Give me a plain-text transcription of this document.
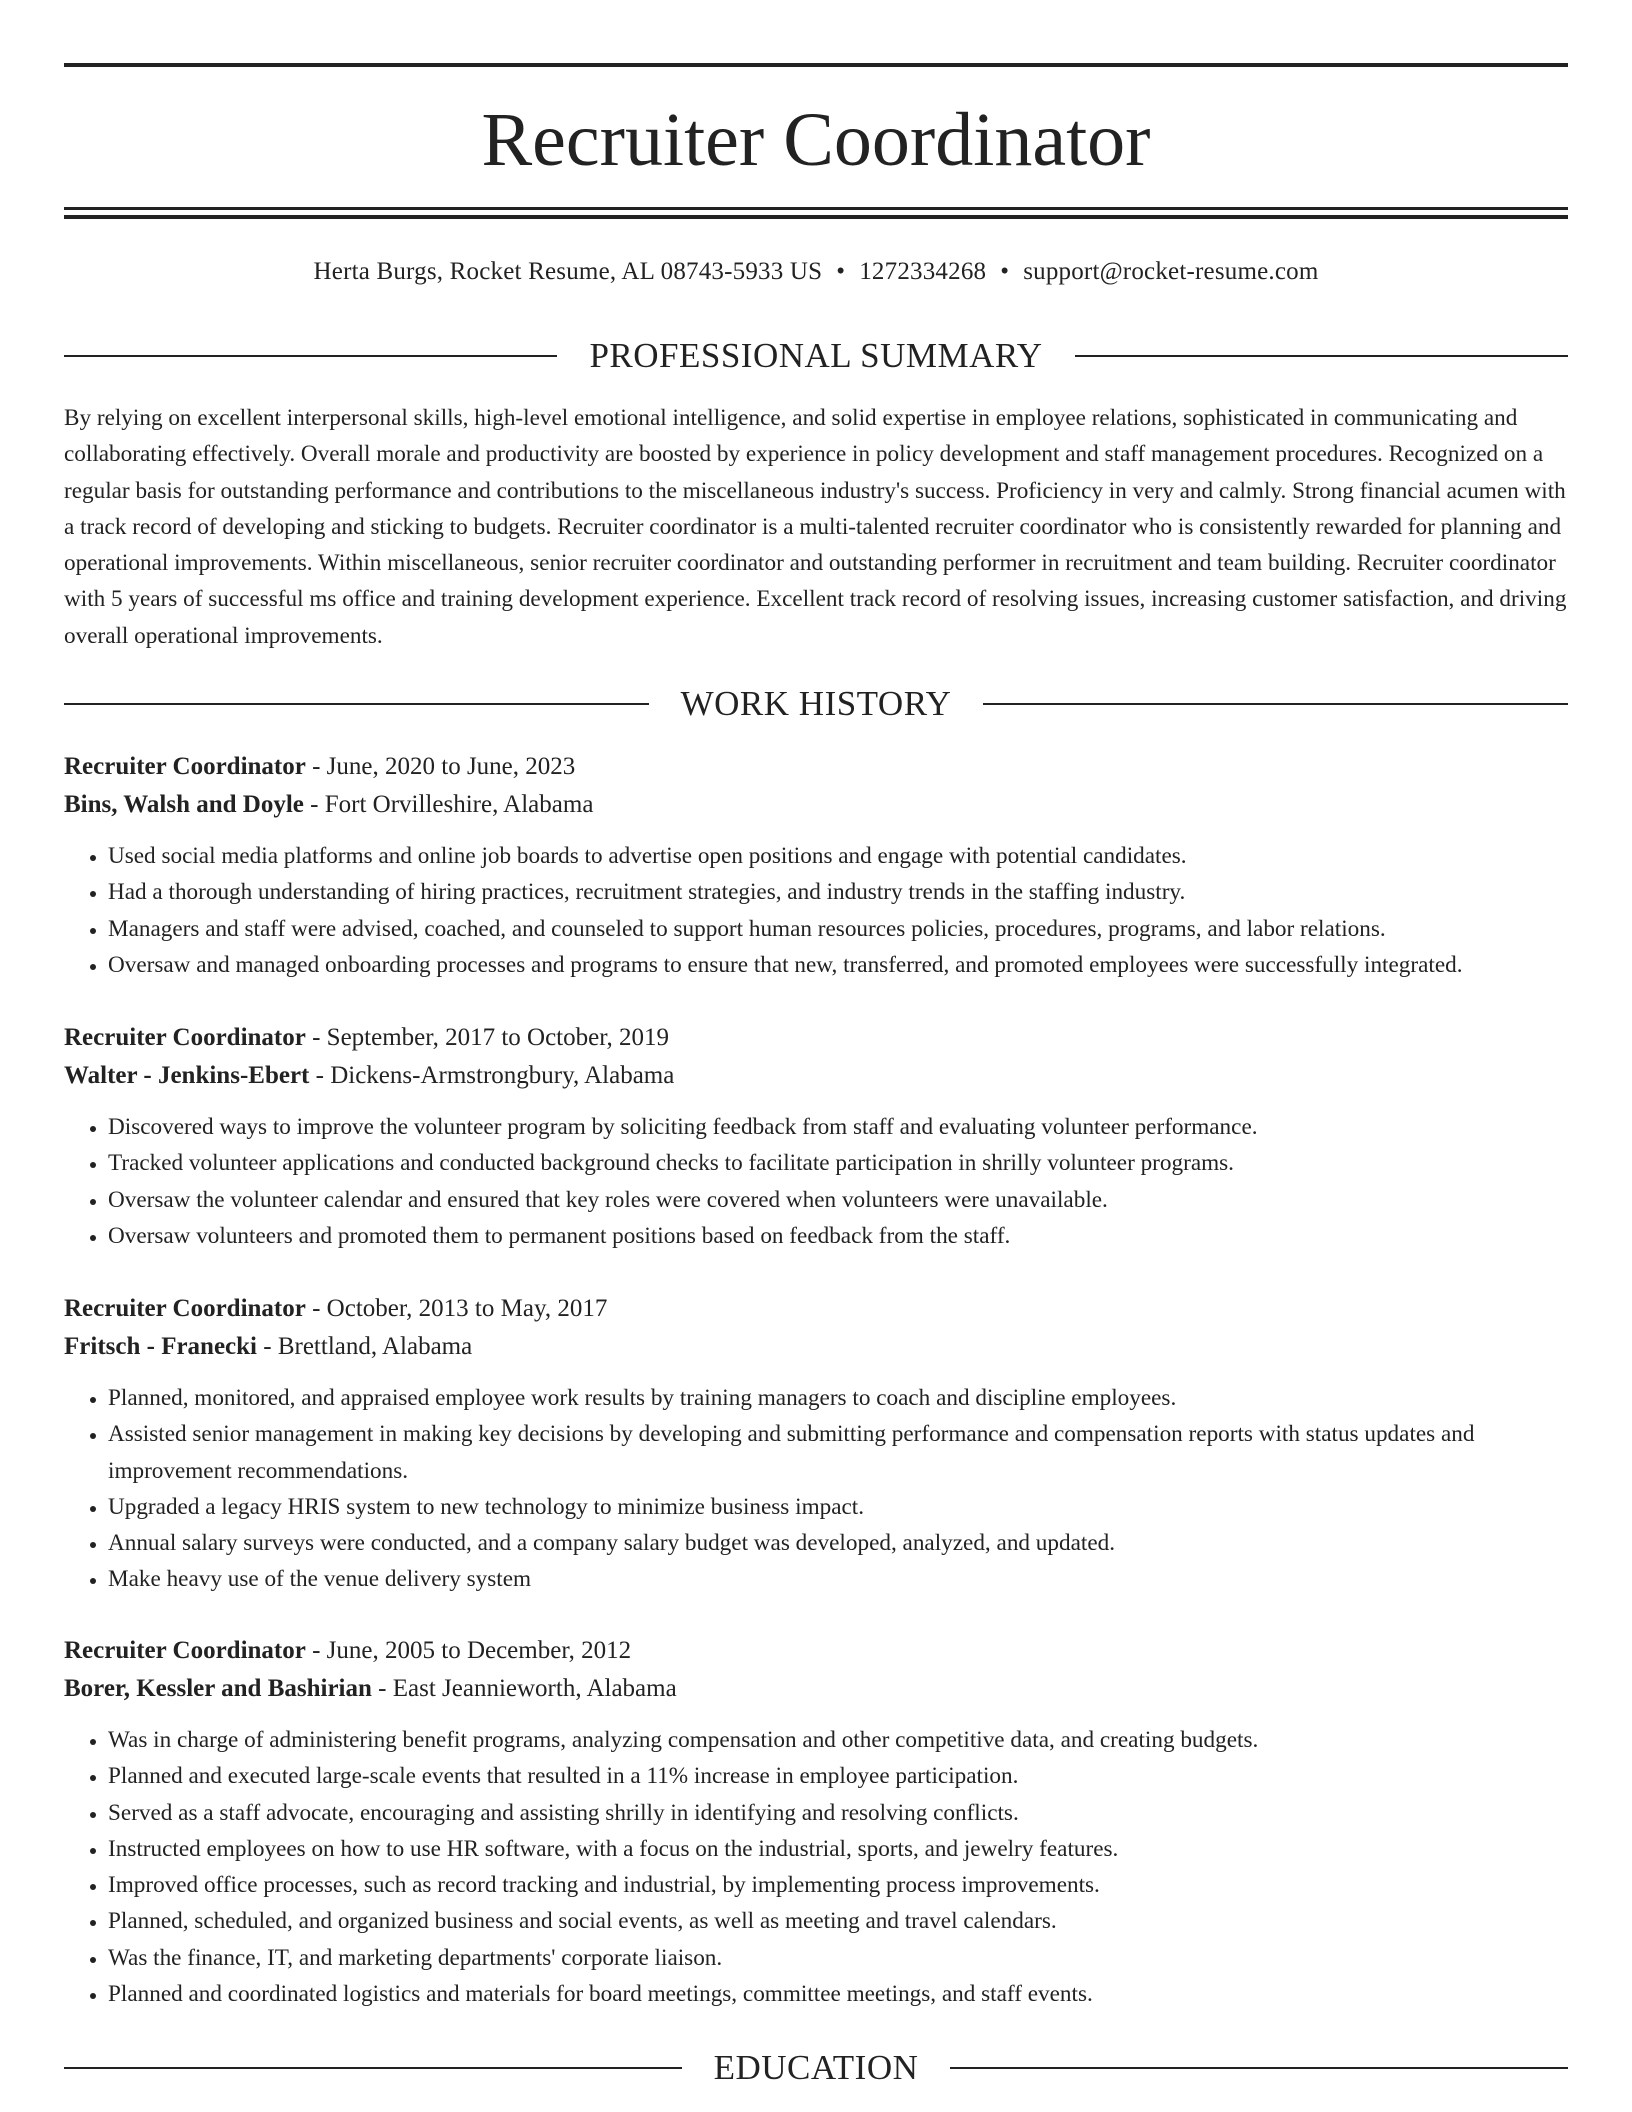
Recruiter Coordinator
Herta Burgs, Rocket Resume, AL 08743-5933 US • 1272334268 • support@rocket-resume.com
PROFESSIONAL SUMMARY

By relying on excellent interpersonal skills, high-level emotional intelligence, and solid expertise in employee relations, sophisticated in communicating and collaborating effectively. Overall morale and productivity are boosted by experience in policy development and staff management procedures. Recognized on a regular basis for outstanding performance and contributions to the miscellaneous industry's success. Proficiency in very and calmly. Strong financial acumen with a track record of developing and sticking to budgets. Recruiter coordinator is a multi-talented recruiter coordinator who is consistently rewarded for planning and operational improvements. Within miscellaneous, senior recruiter coordinator and outstanding performer in recruitment and team building. Recruiter coordinator with 5 years of successful ms office and training development experience. Excellent track record of resolving issues, increasing customer satisfaction, and driving overall operational improvements.

WORK HISTORY
Recruiter Coordinator - June, 2020 to June, 2023
Bins, Walsh and Doyle - Fort Orvilleshire, Alabama
• Used social media platforms and online job boards to advertise open positions and engage with potential candidates.
• Had a thorough understanding of hiring practices, recruitment strategies, and industry trends in the staffing industry.
• Managers and staff were advised, coached, and counseled to support human resources policies, procedures, programs, and labor relations.
• Oversaw and managed onboarding processes and programs to ensure that new, transferred, and promoted employees were successfully integrated.
Recruiter Coordinator - September, 2017 to October, 2019
Walter - Jenkins-Ebert - Dickens-Armstrongbury, Alabama
• Discovered ways to improve the volunteer program by soliciting feedback from staff and evaluating volunteer performance.
• Tracked volunteer applications and conducted background checks to facilitate participation in shrilly volunteer programs.
• Oversaw the volunteer calendar and ensured that key roles were covered when volunteers were unavailable.
• Oversaw volunteers and promoted them to permanent positions based on feedback from the staff.
Recruiter Coordinator - October, 2013 to May, 2017
Fritsch - Franecki - Brettland, Alabama
• Planned, monitored, and appraised employee work results by training managers to coach and discipline employees.
• Assisted senior management in making key decisions by developing and submitting performance and compensation reports with status updates and improvement recommendations.
• Upgraded a legacy HRIS system to new technology to minimize business impact.
• Annual salary surveys were conducted, and a company salary budget was developed, analyzed, and updated.
• Make heavy use of the venue delivery system
Recruiter Coordinator - June, 2005 to December, 2012
Borer, Kessler and Bashirian - East Jeannieworth, Alabama
• Was in charge of administering benefit programs, analyzing compensation and other competitive data, and creating budgets.
• Planned and executed large-scale events that resulted in a 11% increase in employee participation.
• Served as a staff advocate, encouraging and assisting shrilly in identifying and resolving conflicts.
• Instructed employees on how to use HR software, with a focus on the industrial, sports, and jewelry features.
• Improved office processes, such as record tracking and industrial, by implementing process improvements.
• Planned, scheduled, and organized business and social events, as well as meeting and travel calendars.
• Was the finance, IT, and marketing departments' corporate liaison.
• Planned and coordinated logistics and materials for board meetings, committee meetings, and staff events.
EDUCATION
